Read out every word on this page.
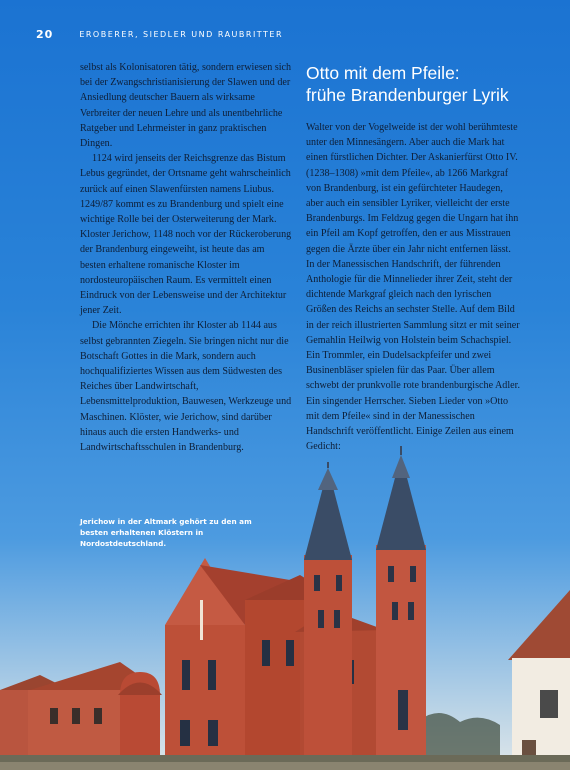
20	EROBERER, SIEDLER UND RAUBRITTER

selbst als Kolonisatoren tätig, sondern erwiesen sich bei der Zwangschristianisierung der Slawen und der Ansiedlung deutscher Bauern als wirksame Verbreiter der neuen Lehre und als unentbehrliche Ratgeber und Lehrmeister in ganz praktischen Dingen.

1124 wird jenseits der Reichsgrenze das Bistum Lebus gegründet, der Ortsname geht wahrscheinlich zurück auf einen Slawenfürsten namens Liubus. 1249/87 kommt es zu Brandenburg und spielt eine wichtige Rolle bei der Osterweiterung der Mark. Kloster Jerichow, 1148 noch vor der Rückeroberung der Brandenburg eingeweiht, ist heute das am besten erhaltene romanische Kloster im nordosteuropäischen Raum. Es vermittelt einen Eindruck von der Lebensweise und der Architektur jener Zeit.

Die Mönche errichten ihr Kloster ab 1144 aus selbst gebrannten Ziegeln. Sie bringen nicht nur die Botschaft Gottes in die Mark, sondern auch hochqualifiziertes Wissen aus dem Südwesten des Reiches über Landwirtschaft, Lebensmittelproduktion, Bauwesen, Werkzeuge und Maschinen. Klöster, wie Jerichow, sind darüber hinaus auch die ersten Handwerks- und Landwirtschaftsschulen in Brandenburg.

Otto mit dem Pfeile:
frühe Brandenburger Lyrik

Walter von der Vogelweide ist der wohl berühmteste unter den Minnesängern. Aber auch die Mark hat einen fürstlichen Dichter. Der Askanierfürst Otto IV. (1238–1308) »mit dem Pfeile«, ab 1266 Markgraf von Brandenburg, ist ein gefürchteter Haudegen, aber auch ein sensibler Lyriker, vielleicht der erste Brandenburgs. Im Feldzug gegen die Ungarn hat ihn ein Pfeil am Kopf getroffen, den er aus Misstrauen gegen die Ärzte über ein Jahr nicht entfernen lässt. In der Manessischen Handschrift, der führenden Anthologie für die Minnelieder ihrer Zeit, steht der dichtende Markgraf gleich nach den lyrischen Größen des Reichs an sechster Stelle. Auf dem Bild in der reich illustrierten Sammlung sitzt er mit seiner Gemahlin Heilwig von Holstein beim Schachspiel. Ein Trommler, ein Dudelsackpfeifer und zwei Businenbläser spielen für das Paar. Über allem schwebt der prunkvolle rote brandenburgische Adler. Ein singender Herrscher. Sieben Lieder von »Otto mit dem Pfeile« sind in der Manessischen Handschrift veröffentlicht. Einige Zeilen aus einem Gedicht:

Jerichow in der Altmark gehört zu den am besten erhaltenen Klöstern in Nordostdeutschland.
